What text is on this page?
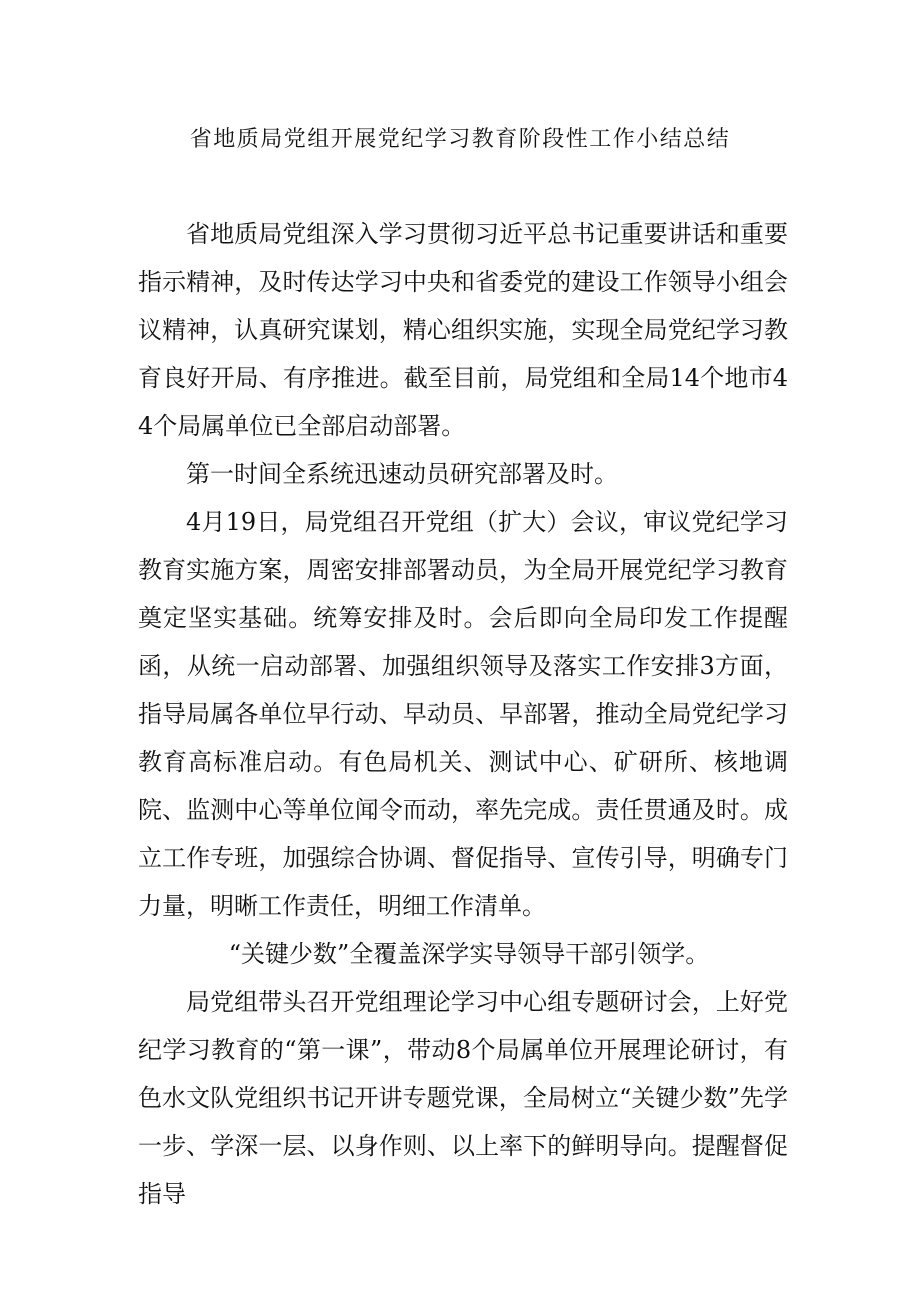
省地质局党组开展党纪学习教育阶段性工作小结总结

省地质局党组深入学习贯彻习近平总书记重要讲话和重要指示精神，及时传达学习中央和省委党的建设工作领导小组会议精神，认真研究谋划，精心组织实施，实现全局党纪学习教育良好开局、有序推进。截至目前，局党组和全局14个地市44个局属单位已全部启动部署。

第一时间全系统迅速动员研究部署及时。

4月19日，局党组召开党组（扩大）会议，审议党纪学习教育实施方案，周密安排部署动员，为全局开展党纪学习教育奠定坚实基础。统筹安排及时。会后即向全局印发工作提醒函，从统一启动部署、加强组织领导及落实工作安排3方面，指导局属各单位早行动、早动员、早部署，推动全局党纪学习教育高标准启动。有色局机关、测试中心、矿研所、核地调院、监测中心等单位闻令而动，率先完成。责任贯通及时。成立工作专班，加强综合协调、督促指导、宣传引导，明确专门力量，明晰工作责任，明细工作清单。

“关键少数”全覆盖深学实导领导干部引领学。

局党组带头召开党组理论学习中心组专题研讨会，上好党纪学习教育的“第一课”，带动8个局属单位开展理论研讨，有色水文队党组织书记开讲专题党课，全局树立“关键少数”先学一步、学深一层、以身作则、以上率下的鲜明导向。提醒督促指导
